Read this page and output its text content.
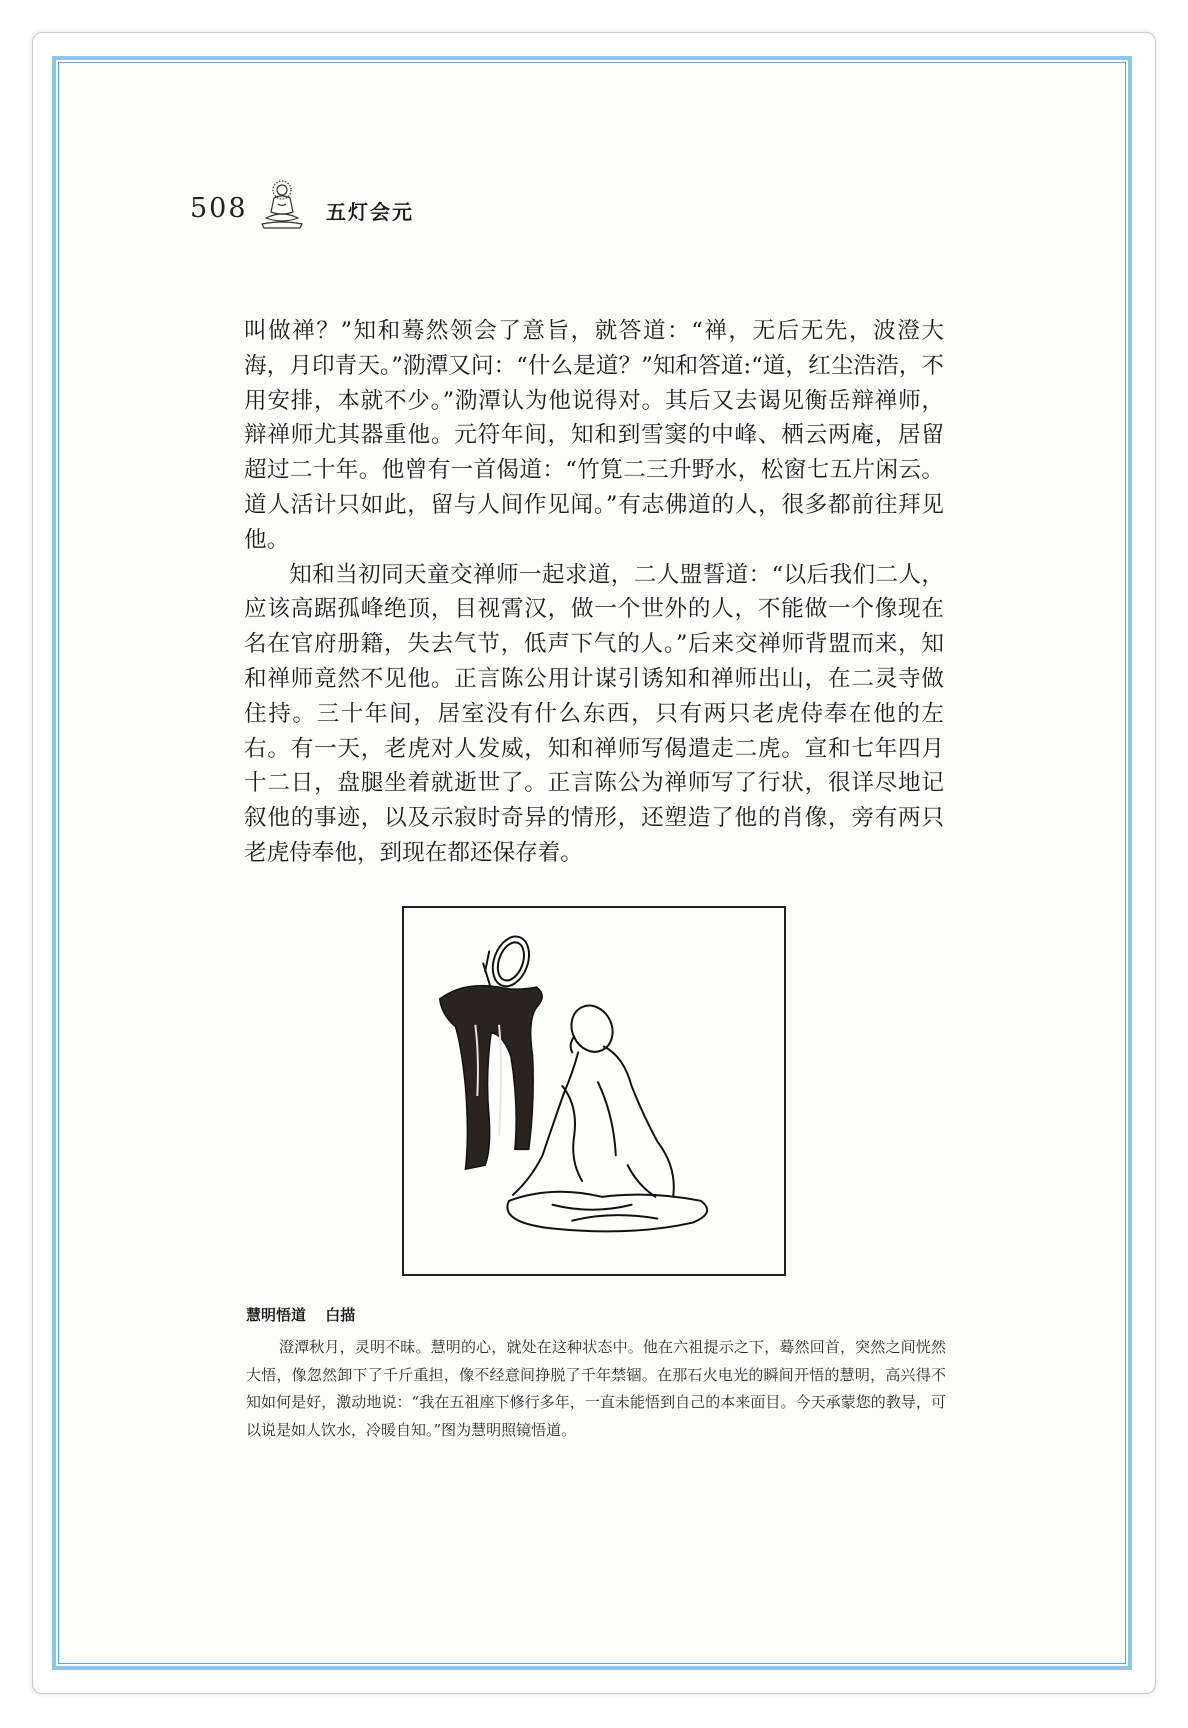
508	五灯会元

叫做禅？”知和蓦然领会了意旨，就答道：“禅，无后无先，波澄大海，月印青天。”泐潭又问：“什么是道？”知和答道:“道，红尘浩浩，不用安排，本就不少。”泐潭认为他说得对。其后又去谒见衡岳辩禅师，辩禅师尤其器重他。元符年间，知和到雪窦的中峰、栖云两庵，居留超过二十年。他曾有一首偈道：“竹筧二三升野水，松窗七五片闲云。道人活计只如此，留与人间作见闻。”有志佛道的人，很多都前往拜见他。

知和当初同天童交禅师一起求道，二人盟誓道：“以后我们二人，应该高踞孤峰绝顶，目视霄汉，做一个世外的人，不能做一个像现在名在官府册籍，失去气节，低声下气的人。”后来交禅师背盟而来，知和禅师竟然不见他。正言陈公用计谋引诱知和禅师出山，在二灵寺做住持。三十年间，居室没有什么东西，只有两只老虎侍奉在他的左右。有一天，老虎对人发威，知和禅师写偈遣走二虎。宣和七年四月十二日，盘腿坐着就逝世了。正言陈公为禅师写了行状，很详尽地记叙他的事迹，以及示寂时奇异的情形，还塑造了他的肖像，旁有两只老虎侍奉他，到现在都还保存着。

慧明悟道 白描

澄潭秋月，灵明不昧。慧明的心，就处在这种状态中。他在六祖提示之下，蓦然回首，突然之间恍然大悟，像忽然卸下了千斤重担，像不经意间挣脱了千年禁锢。在那石火电光的瞬间开悟的慧明，高兴得不知如何是好，激动地说：“我在五祖座下修行多年，一直未能悟到自己的本来面目。今天承蒙您的教导，可以说是如人饮水，冷暖自知。”图为慧明照镜悟道。
